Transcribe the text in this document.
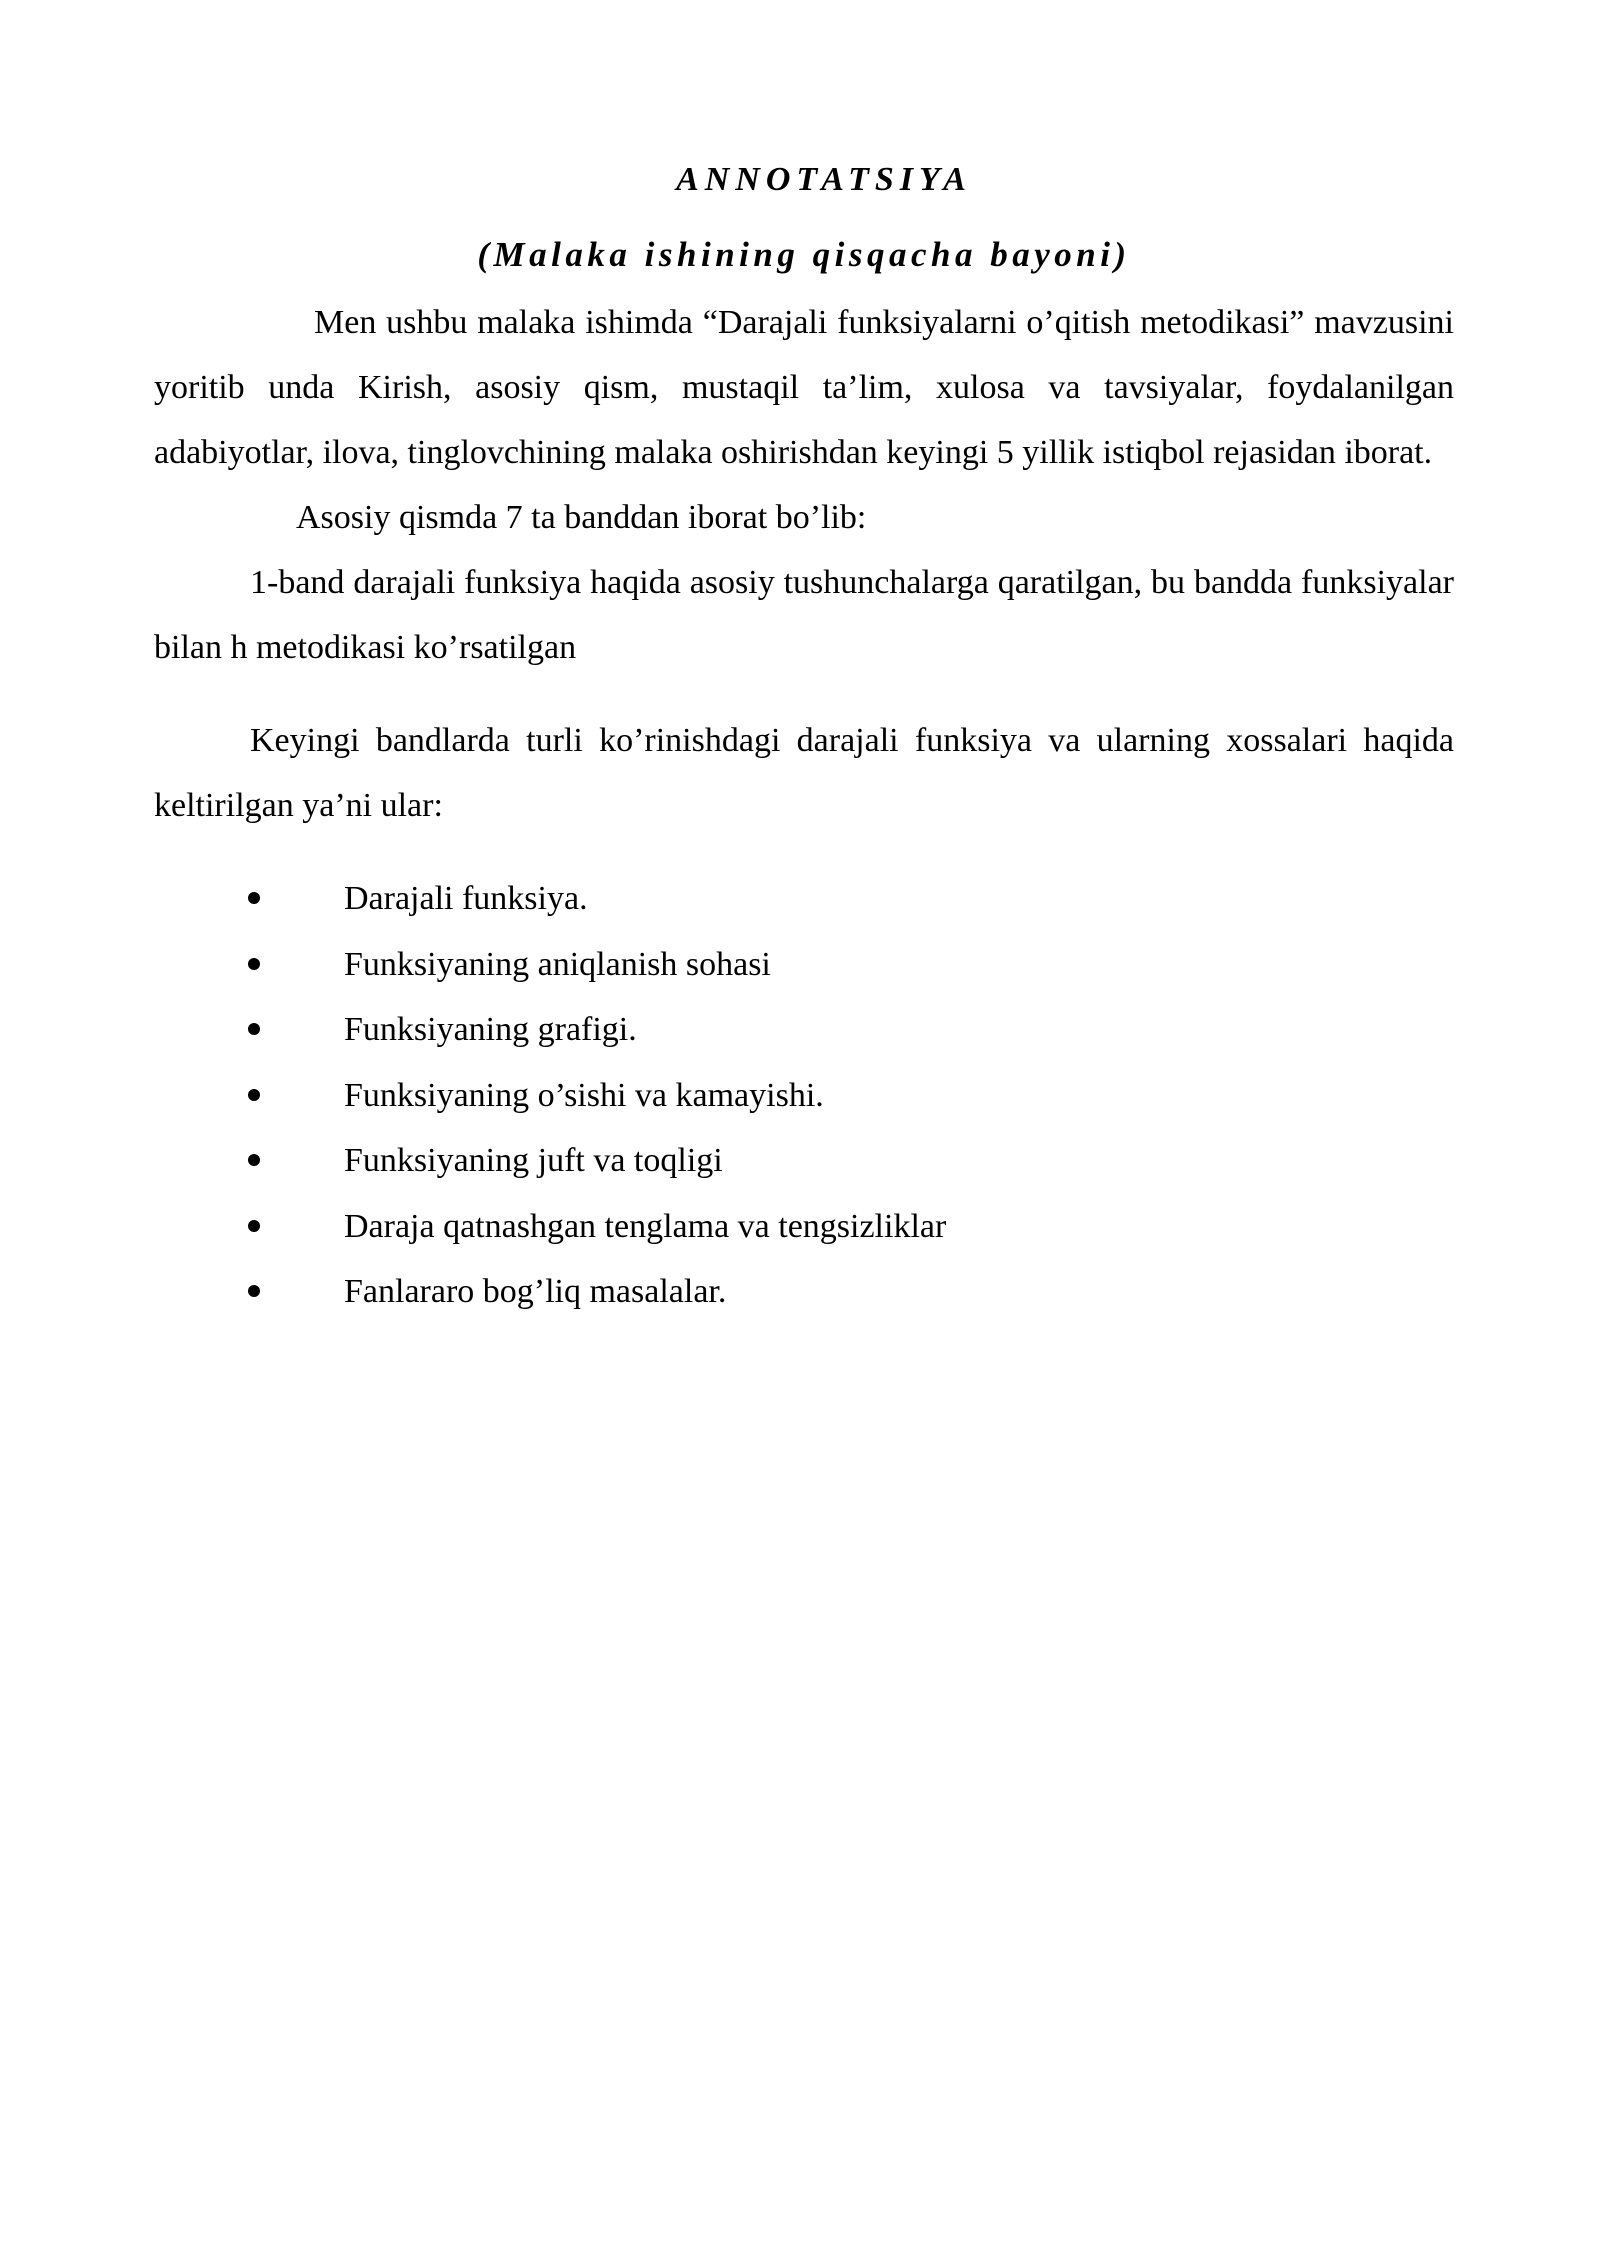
ANNOTATSIYA
(Malaka ishining qisqacha bayoni)

Men ushbu malaka ishimda “Darajali funksiyalarni o’qitish metodikasi” mavzusini yoritib unda Kirish, asosiy qism, mustaqil ta’lim, xulosa va tavsiyalar, foydalanilgan adabiyotlar, ilova, tinglovchining malaka oshirishdan keyingi 5 yillik istiqbol rejasidan iborat.

Asosiy qismda 7 ta banddan iborat bo’lib:

1-band darajali funksiya haqida asosiy tushunchalarga qaratilgan, bu bandda funksiyalar bilan h metodikasi ko’rsatilgan

Keyingi bandlarda turli ko’rinishdagi darajali funksiya va ularning xossalari haqida keltirilgan ya’ni ular:

Darajali funksiya.
Funksiyaning aniqlanish sohasi
Funksiyaning grafigi.
Funksiyaning o’sishi va kamayishi.
Funksiyaning juft va toqligi
Daraja qatnashgan tenglama va tengsizliklar
Fanlararo bog’liq masalalar.
